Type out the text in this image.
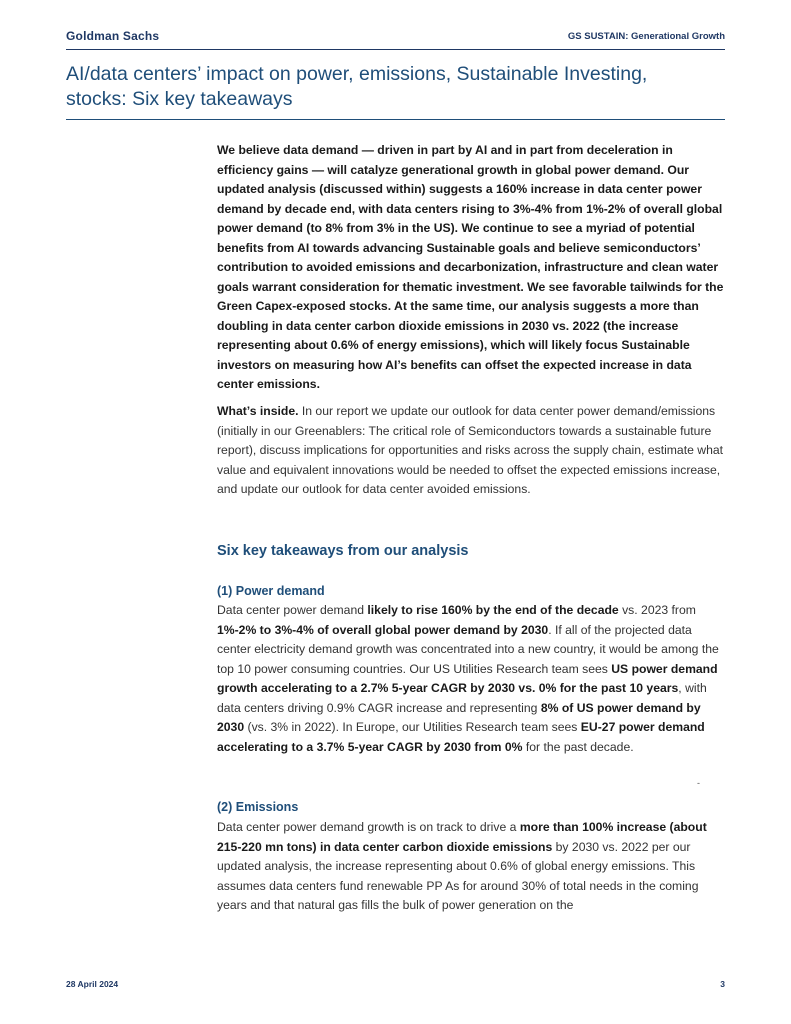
Goldman Sachs	GS SUSTAIN: Generational Growth
AI/data centers’ impact on power, emissions, Sustainable Investing, stocks: Six key takeaways

We believe data demand — driven in part by AI and in part from deceleration in efficiency gains — will catalyze generational growth in global power demand. Our updated analysis (discussed within) suggests a 160% increase in data center power demand by decade end, with data centers rising to 3%-4% from 1%-2% of overall global power demand (to 8% from 3% in the US). We continue to see a myriad of potential benefits from AI towards advancing Sustainable goals and believe semiconductors’ contribution to avoided emissions and decarbonization, infrastructure and clean water goals warrant consideration for thematic investment. We see favorable tailwinds for the Green Capex-exposed stocks. At the same time, our analysis suggests a more than doubling in data center carbon dioxide emissions in 2030 vs. 2022 (the increase representing about 0.6% of energy emissions), which will likely focus Sustainable investors on measuring how AI’s benefits can offset the expected increase in data center emissions.

What’s inside. In our report we update our outlook for data center power demand/emissions (initially in our Greenablers: The critical role of Semiconductors towards a sustainable future report), discuss implications for opportunities and risks across the supply chain, estimate what value and equivalent innovations would be needed to offset the expected emissions increase, and update our outlook for data center avoided emissions.

Six key takeaways from our analysis
(1) Power demand

Data center power demand likely to rise 160% by the end of the decade vs. 2023 from 1%-2% to 3%-4% of overall global power demand by 2030. If all of the projected data center electricity demand growth was concentrated into a new country, it would be among the top 10 power consuming countries. Our US Utilities Research team sees US power demand growth accelerating to a 2.7% 5-year CAGR by 2030 vs. 0% for the past 10 years, with data centers driving 0.9% CAGR increase and representing 8% of US power demand by 2030 (vs. 3% in 2022). In Europe, our Utilities Research team sees EU-27 power demand accelerating to a 3.7% 5-year CAGR by 2030 from 0% for the past decade.

-
(2) Emissions

Data center power demand growth is on track to drive a more than 100% increase (about 215-220 mn tons) in data center carbon dioxide emissions by 2030 vs. 2022 per our updated analysis, the increase representing about 0.6% of global energy emissions. This assumes data centers fund renewable PP As for around 30% of total needs in the coming years and that natural gas fills the bulk of power generation on the

28 April 2024	3
